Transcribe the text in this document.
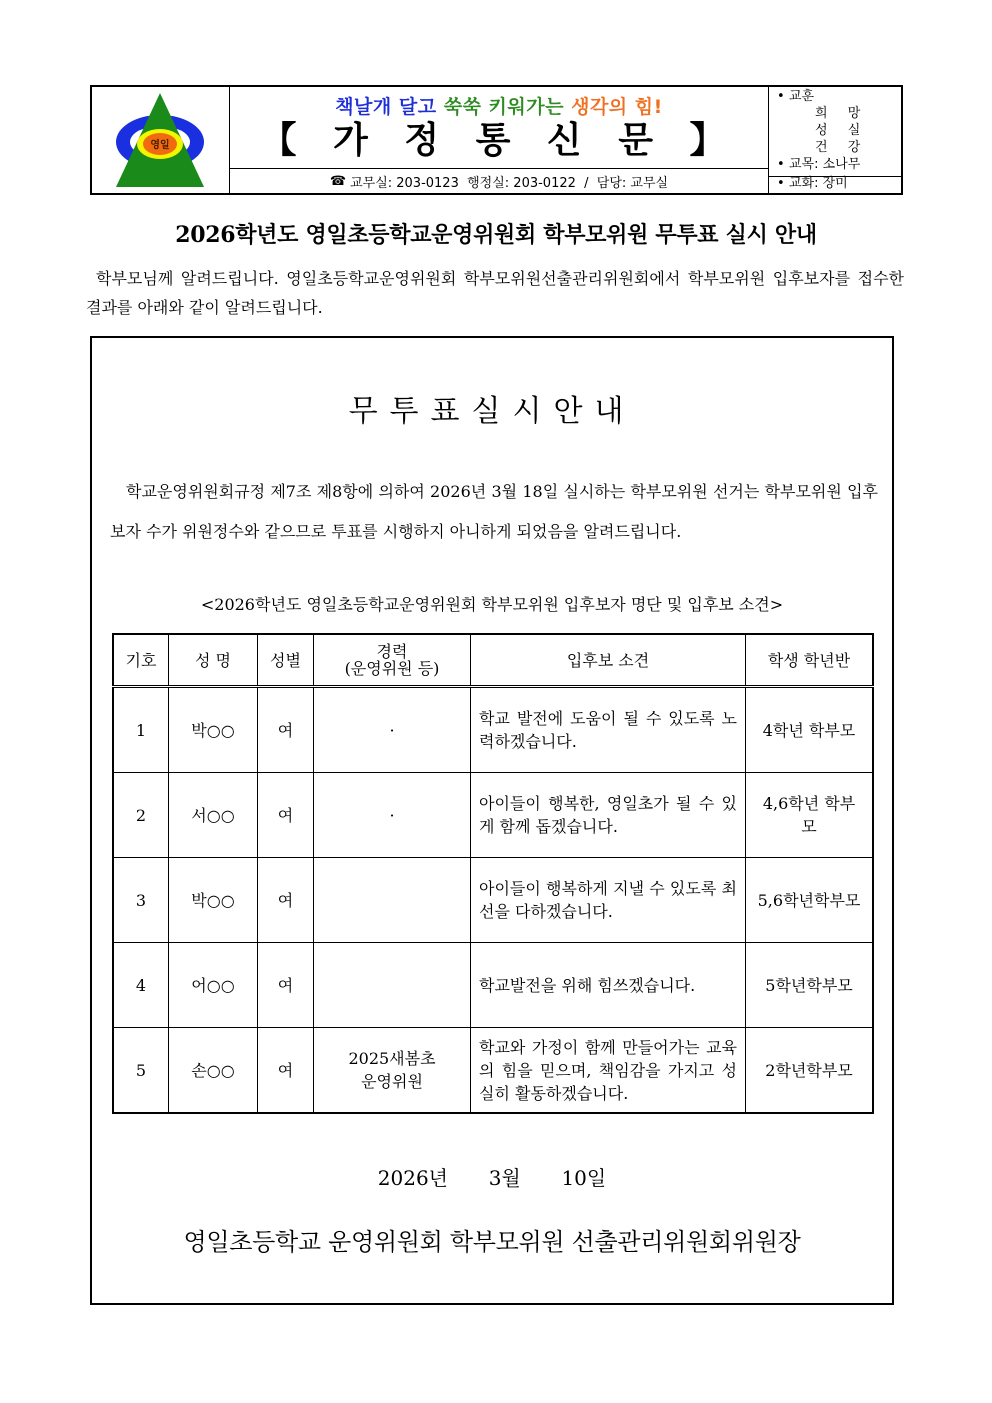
영일
책날개 달고 쑥쑥 키워가는 생각의 힘!
【 가 정 통 신 문 】
☎ 교무실: 203-0123  행정실: 203-0122  /  담당: 교무실
• 교훈
희 망
성 실
건 강
• 교목: 소나무
• 교화: 장미
2026학년도 영일초등학교운영위원회 학부모위원 무투표 실시 안내

학부모님께 알려드립니다. 영일초등학교운영위원회 학부모위원선출관리위원회에서 학부모위원 입후보자를 접수한 결과를 아래와 같이 알려드립니다.

무투표실시안내

학교운영위원회규정 제7조 제8항에 의하여 2026년 3월 18일 실시하는 학부모위원 선거는 학부모위원 입후보자 수가 위원정수와 같으므로 투표를 시행하지 아니하게 되었음을 알려드립니다.

<2026학년도 영일초등학교운영위원회 학부모위원 입후보자 명단 및 입후보 소견>
기호	성 명	성별	경력
(운영위원 등)	입후보 소견	학생 학년반
1	박○○	여	·	학교 발전에 도움이 될 수 있도록 노력하겠습니다.	4학년 학부모
2	서○○	여	·	아이들이 행복한, 영일초가 될 수 있게 함께 돕겠습니다.	4,6학년 학부모
3	박○○	여		아이들이 행복하게 지낼 수 있도록 최선을 다하겠습니다.	5,6학년학부모
4	어○○	여		학교발전을 위해 힘쓰겠습니다.	5학년학부모
5	손○○	여	2025새봄초 운영위원	학교와 가정이 함께 만들어가는 교육의 힘을 믿으며, 책임감을 가지고 성실히 활동하겠습니다.	2학년학부모
2026년  3월  10일
영일초등학교 운영위원회 학부모위원 선출관리위원회위원장
